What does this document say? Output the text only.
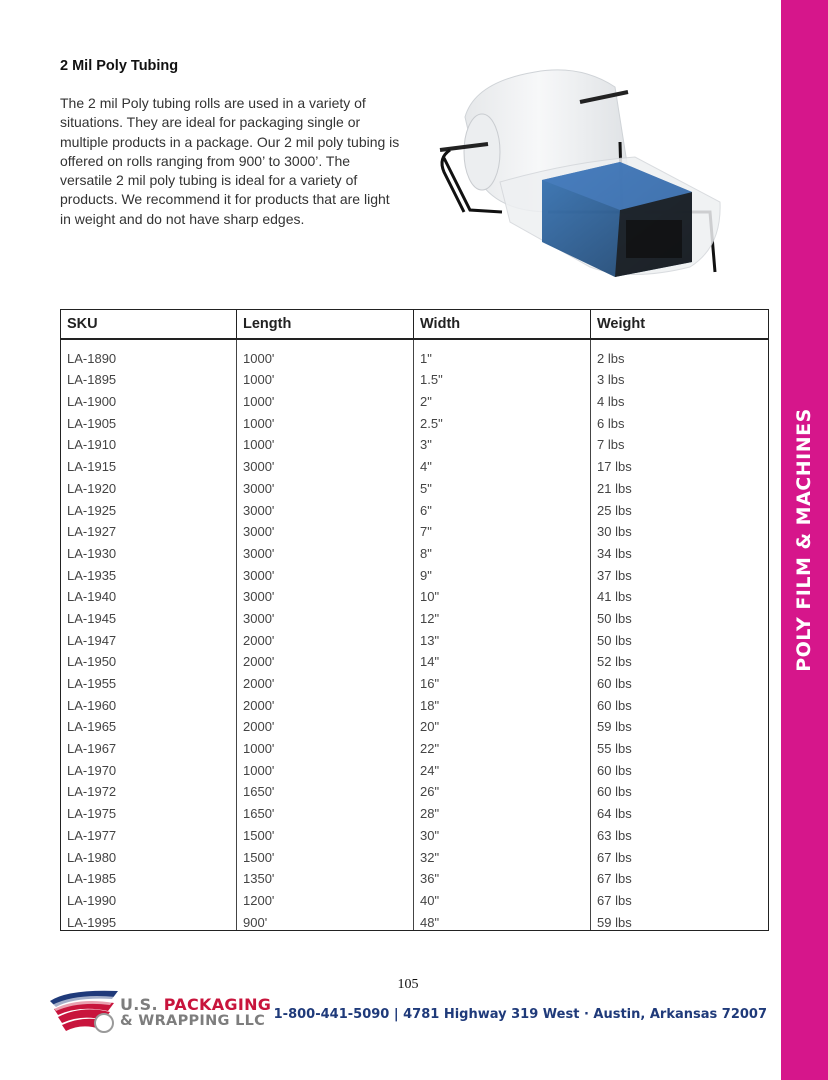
POLY FILM & MACHINES
2 Mil Poly Tubing
The 2 mil Poly tubing rolls are used in a variety of situations. They are ideal for packaging single or multiple products in a package. Our 2 mil poly tubing is offered on rolls ranging from 900’ to 3000’. The versatile 2 mil poly tubing is ideal for a variety of products. We recommend it for products that are light in weight and do not have sharp edges.
SKU	Length	Width	Weight
LA-1890	1000'	1"	2 lbs
LA-1895	1000'	1.5"	3 lbs
LA-1900	1000'	2"	4 lbs
LA-1905	1000'	2.5"	6 lbs
LA-1910	1000'	3"	7 lbs
LA-1915	3000'	4"	17 lbs
LA-1920	3000'	5"	21 lbs
LA-1925	3000'	6"	25 lbs
LA-1927	3000'	7"	30 lbs
LA-1930	3000'	8"	34 lbs
LA-1935	3000'	9"	37 lbs
LA-1940	3000'	10"	41 lbs
LA-1945	3000'	12"	50 lbs
LA-1947	2000'	13"	50 lbs
LA-1950	2000'	14"	52 lbs
LA-1955	2000'	16"	60 lbs
LA-1960	2000'	18"	60 lbs
LA-1965	2000'	20"	59 lbs
LA-1967	1000'	22"	55 lbs
LA-1970	1000'	24"	60 lbs
LA-1972	1650'	26"	60 lbs
LA-1975	1650'	28"	64 lbs
LA-1977	1500'	30"	63 lbs
LA-1980	1500'	32"	67 lbs
LA-1985	1350'	36"	67 lbs
LA-1990	1200'	40"	67 lbs
LA-1995	900'	48"	59 lbs
105
U.S. PACKAGING
& WRAPPING LLC 1-800-441-5090 | 4781 Highway 319 West · Austin, Arkansas 72007
